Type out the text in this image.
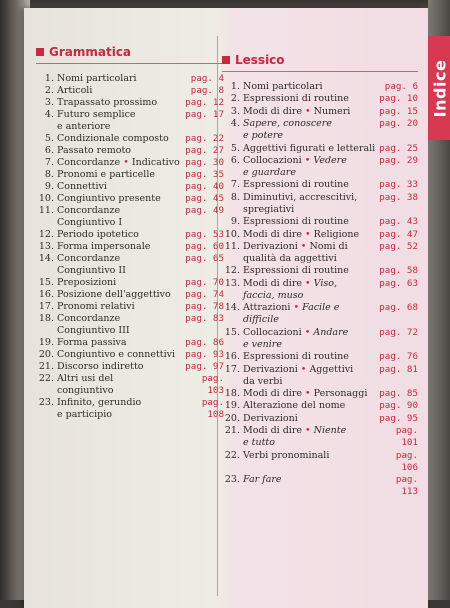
Grammatica
1. Nomi particolari	pag. 4
2. Articoli	pag. 8
3. Trapassato prossimo	pag. 12
4. Futuro semplice
e anteriore
pag. 17
5. Condizionale composto	pag. 22
6. Passato remoto	pag. 27
7. Concordanze • Indicativo pag. 30
8. Pronomi e particelle	pag. 35
9. Connettivi	pag. 40
10. Congiuntivo presente	pag. 45
11. Concordanze
Congiuntivo I
pag. 49
12. Periodo ipotetico	pag. 53
13. Forma impersonale	pag. 60
14. Concordanze
Congiuntivo II
pag. 65
15. Preposizioni	pag. 70
16. Posizione dell'aggettivo	pag. 74
17. Pronomi relativi	pag. 78
18. Concordanze
Congiuntivo III
pag. 83
19. Forma passiva	pag. 86
20. Congiuntivo e connettivi	pag. 93
21. Discorso indiretto	pag. 97
22. Altri usi del
congiuntivo
pag. 103
23. Infinito, gerundio
e participio
pag. 108
Lessico
1. Nomi particolari	pag. 6
2. Espressioni di routine	pag. 10
3. Modi di dire • Numeri	pag. 15
4. Sapere, conoscere
e potere
pag. 20
5. Aggettivi figurati e letterali pag. 25
6. Collocazioni • Vedere
e guardare
pag. 29
7. Espressioni di routine	pag. 33
8. Diminutivi, accrescitivi,
spregiativi
pag. 38
9. Espressioni di routine	pag. 43
10. Modi di dire • Religione	pag. 47
11. Derivazioni • Nomi di
qualità da aggettivi
pag. 52
12. Espressioni di routine	pag. 58
13. Modi di dire • Viso,
faccia, muso
pag. 63
14. Attrazioni • Facile e
difficile
pag. 68
15. Collocazioni • Andare
e venire
pag. 72
16. Espressioni di routine	pag. 76
17. Derivazioni • Aggettivi
da verbi
pag. 81
18. Modi di dire • Personaggi	pag. 85
19. Alterazione del nome	pag. 90
20. Derivazioni	pag. 95
21. Modi di dire • Niente
e tutto
pag. 101
22. Verbi pronominali	pag. 106
23. Far fare	pag. 113
Indice
